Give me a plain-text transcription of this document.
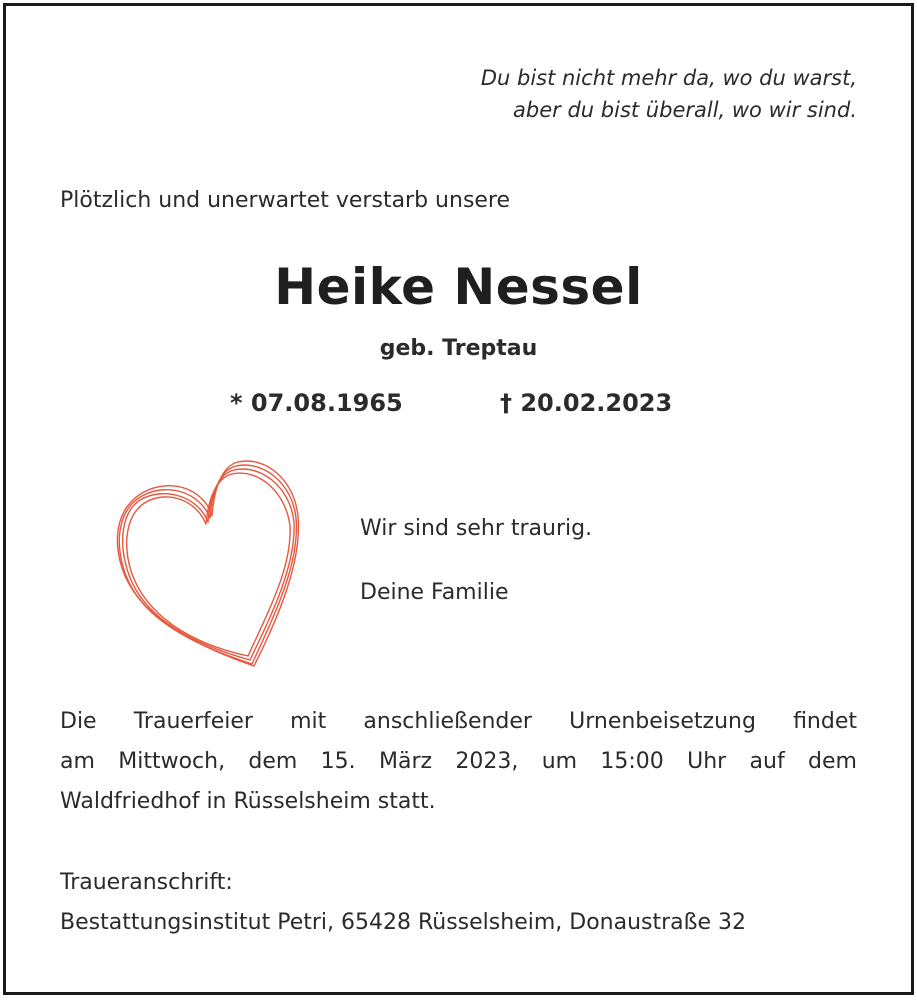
Du bist nicht mehr da, wo du warst,
aber du bist überall, wo wir sind.
Plötzlich und unerwartet verstarb unsere
Heike Nessel
geb. Treptau
* 07.08.1965	† 20.02.2023
Wir sind sehr traurig.
Deine Familie
Die Trauerfeier mit anschließender Urnenbeisetzung findet
am Mittwoch, dem 15. März 2023, um 15:00 Uhr auf dem
Waldfriedhof in Rüsselsheim statt.
Traueranschrift:
Bestattungsinstitut Petri, 65428 Rüsselsheim, Donaustraße 32
